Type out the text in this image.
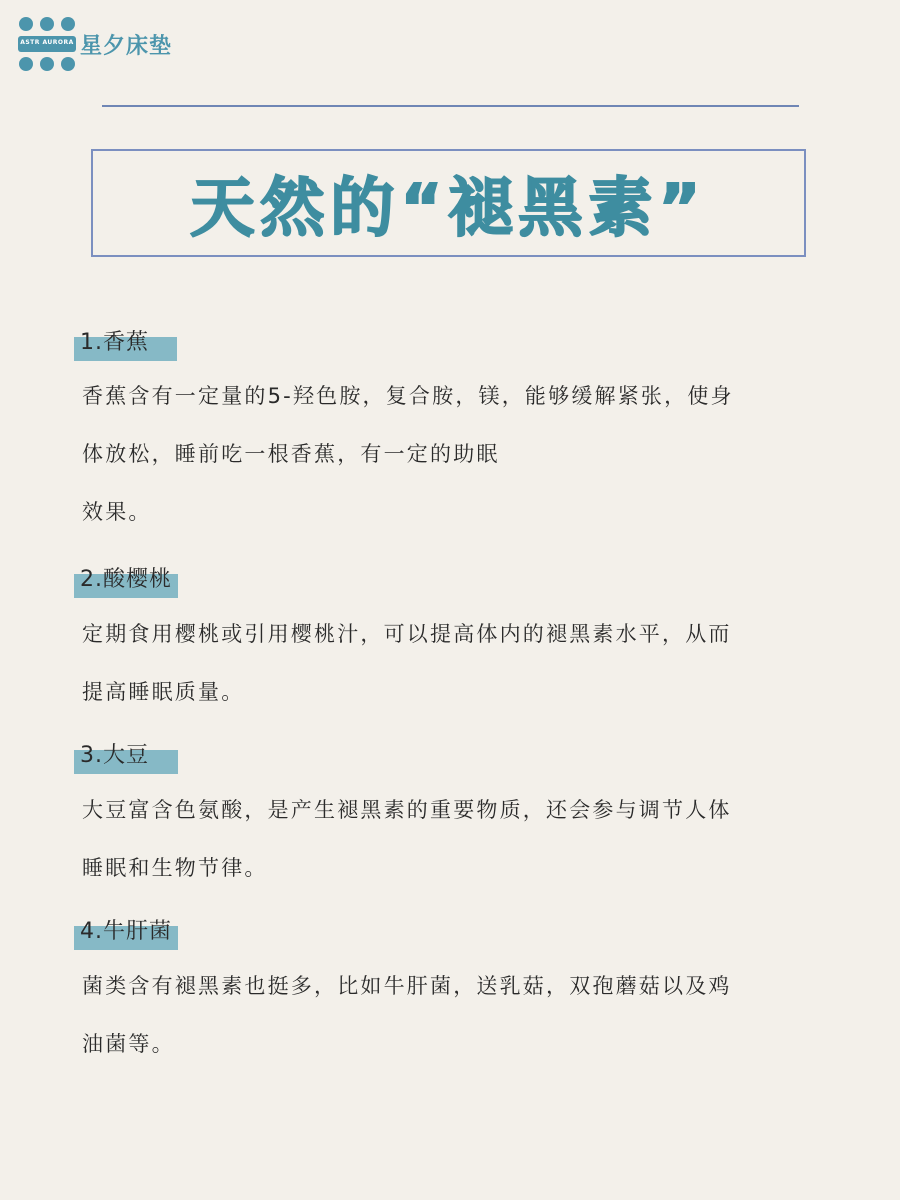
ASTR AURORA 星夕床垫
天然的“褪黑素”
1.香蕉

香蕉含有一定量的5-羟色胺，复合胺，镁，能够缓解紧张，使身
体放松，睡前吃一根香蕉，有一定的助眠
效果。

2.酸樱桃

定期食用樱桃或引用樱桃汁，可以提高体内的褪黑素水平，从而
提高睡眠质量。

3.大豆

大豆富含色氨酸，是产生褪黑素的重要物质，还会参与调节人体
睡眠和生物节律。

4.牛肝菌

菌类含有褪黑素也挺多，比如牛肝菌，送乳菇，双孢蘑菇以及鸡
油菌等。
